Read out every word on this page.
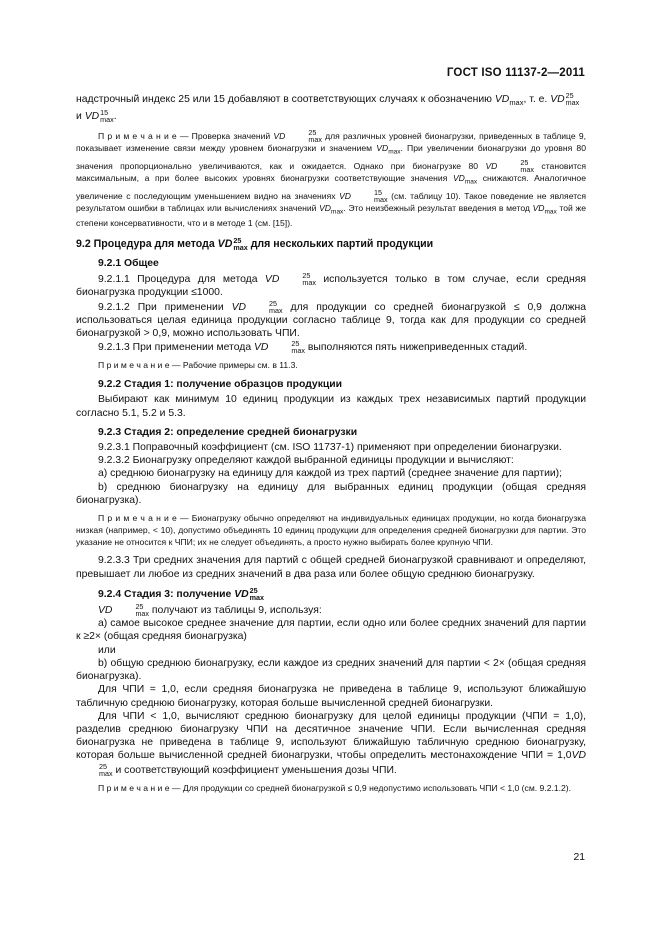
ГОСТ ISO 11137-2—2011

надстрочный индекс 25 или 15 добавляют в соответствующих случаях к обозначению $VD_{max}$, т. е. VD 25
max

и VD 15
max .

П р и м е ч а н и е — Проверка значений VD	25
max для различных уровней бионагрузки, приведенных в таблице 9, показывает изменение связи между уровнем бионагрузки и значением $VD_{max}$. При увеличении бионагрузки до уровня 80 значения пропорционально увеличиваются, как и ожидается. Однако при бионагрузке 80 VD	25
max становится максимальным, а при более высоких уровнях бионагрузки соответствующие значения $VD_{max}$ снижаются. Аналогичное увеличение с последующим уменьшением видно на значениях VD	15
max (см. таблицу 10). Такое поведение не является результатом ошибки в таблицах или вычислениях значений $VD_{max}$. Это неизбежный результат введения в метод $VD_{max}$ той же степени консервативности, что и в методе 1 (см. [15]).

9.2 Процедура для метода VD 25
max для нескольких партий продукции

9.2.1 Общее

9.2.1.1 Процедура для метода VD	25
max используется только в том случае, если средняя бионагрузка продукции ≤1000.

9.2.1.2 При применении VD	25
max для продукции со средней бионагрузкой ≤ 0,9 должна использоваться целая единица продукции согласно таблице 9, тогда как для продукции со средней бионагрузкой > 0,9, можно использовать ЧПИ.

9.2.1.3 При применении метода VD	25
max выполняются пять нижеприведенных стадий.

П р и м е ч а н и е — Рабочие примеры см. в 11.3.

9.2.2 Стадия 1: получение образцов продукции

Выбирают как минимум 10 единиц продукции из каждых трех независимых партий продукции согласно 5.1, 5.2 и 5.3.

9.2.3 Стадия 2: определение средней бионагрузки

9.2.3.1 Поправочный коэффициент (см. ISO 11737-1) применяют при определении бионагрузки.

9.2.3.2 Бионагрузку определяют каждой выбранной единицы продукции и вычисляют:

а) среднюю бионагрузку на единицу для каждой из трех партий (среднее значение для партии);

b) среднюю бионагрузку на единицу для выбранных единиц продукции (общая средняя бионагрузка).

П р и м е ч а н и е — Бионагрузку обычно определяют на индивидуальных единицах продукции, но когда бионагрузка низкая (например, < 10), допустимо объединять 10 единиц продукции для определения средней бионагрузки для партии. Это указание не относится к ЧПИ; их не следует объединять, а просто нужно выбирать более крупную ЧПИ.

9.2.3.3 Три средних значения для партий с общей средней бионагрузкой сравнивают и определяют, превышает ли любое из средних значений в два раза или более общую среднюю бионагрузку.

9.2.4 Стадия 3: получение VD 25
max

VD	25
max получают из таблицы 9, используя:

а) самое высокое среднее значение для партии, если одно или более средних значений для партии к ≥2× (общая средняя бионагрузка)

или

b) общую среднюю бионагрузку, если каждое из средних значений для партии < 2× (общая средняя бионагрузка).

Для ЧПИ = 1,0, если средняя бионагрузка не приведена в таблице 9, используют ближайшую табличную среднюю бионагрузку, которая больше вычисленной средней бионагрузки.

Для ЧПИ < 1,0, вычисляют среднюю бионагрузку для целой единицы продукции (ЧПИ = 1,0), разделив среднюю бионагрузку ЧПИ на десятичное значение ЧПИ. Если вычисленная средняя бионагрузка не приведена в таблице 9, используют ближайшую табличную среднюю бионагрузку, которая больше вычисленной средней бионагрузки, чтобы определить местонахождение ЧПИ = 1,0VD
25
max и соответствующий коэффициент уменьшения дозы ЧПИ.

П р и м е ч а н и е — Для продукции со средней бионагрузкой ≤ 0,9 недопустимо использовать ЧПИ < 1,0 (см. 9.2.1.2).

21
